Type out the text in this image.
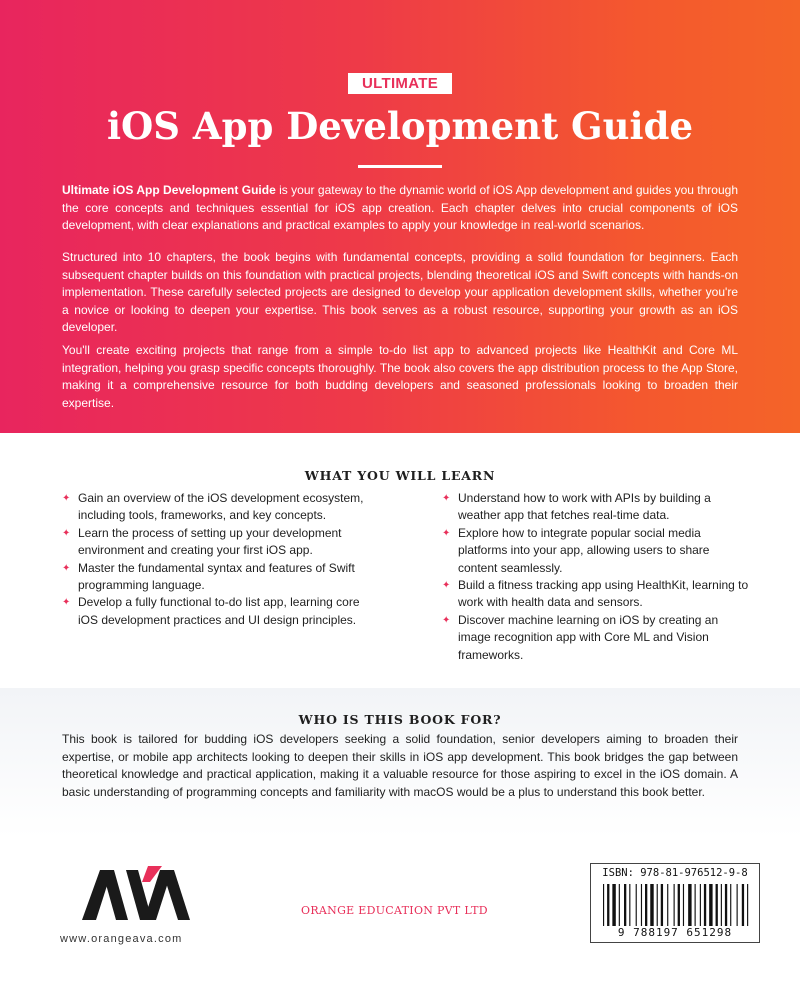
ULTIMATE
iOS App Development Guide

Ultimate iOS App Development Guide is your gateway to the dynamic world of iOS App development and guides you through the core concepts and techniques essential for iOS app creation. Each chapter delves into crucial components of iOS development, with clear explanations and practical examples to apply your knowledge in real-world scenarios.

Structured into 10 chapters, the book begins with fundamental concepts, providing a solid foundation for beginners. Each subsequent chapter builds on this foundation with practical projects, blending theoretical iOS and Swift concepts with hands-on implementation. These carefully selected projects are designed to develop your application development skills, whether you're a novice or looking to deepen your expertise. This book serves as a robust resource, supporting your growth as an iOS developer.

You'll create exciting projects that range from a simple to-do list app to advanced projects like HealthKit and Core ML integration, helping you grasp specific concepts thoroughly. The book also covers the app distribution process to the App Store, making it a comprehensive resource for both budding developers and seasoned professionals looking to broaden their expertise.

WHAT YOU WILL LEARN
✦ Gain an overview of the iOS development ecosystem, including tools, frameworks, and key concepts.
✦ Learn the process of setting up your development environment and creating your first iOS app.
✦ Master the fundamental syntax and features of Swift programming language.
✦ Develop a fully functional to-do list app, learning core iOS development practices and UI design principles.
✦ Understand how to work with APIs by building a weather app that fetches real-time data.
✦ Explore how to integrate popular social media platforms into your app, allowing users to share content seamlessly.
✦ Build a fitness tracking app using HealthKit, learning to work with health data and sensors.
✦ Discover machine learning on iOS by creating an image recognition app with Core ML and Vision frameworks.
WHO IS THIS BOOK FOR?

This book is tailored for budding iOS developers seeking a solid foundation, senior developers aiming to broaden their expertise, or mobile app architects looking to deepen their skills in iOS app development. This book bridges the gap between theoretical knowledge and practical application, making it a valuable resource for those aspiring to excel in the iOS domain. A basic understanding of programming concepts and familiarity with macOS would be a plus to understand this book better.

www.orangeava.com

ORANGE EDUCATION PVT LTD

ISBN: 978-81-976512-9-8

9 788197 651298
